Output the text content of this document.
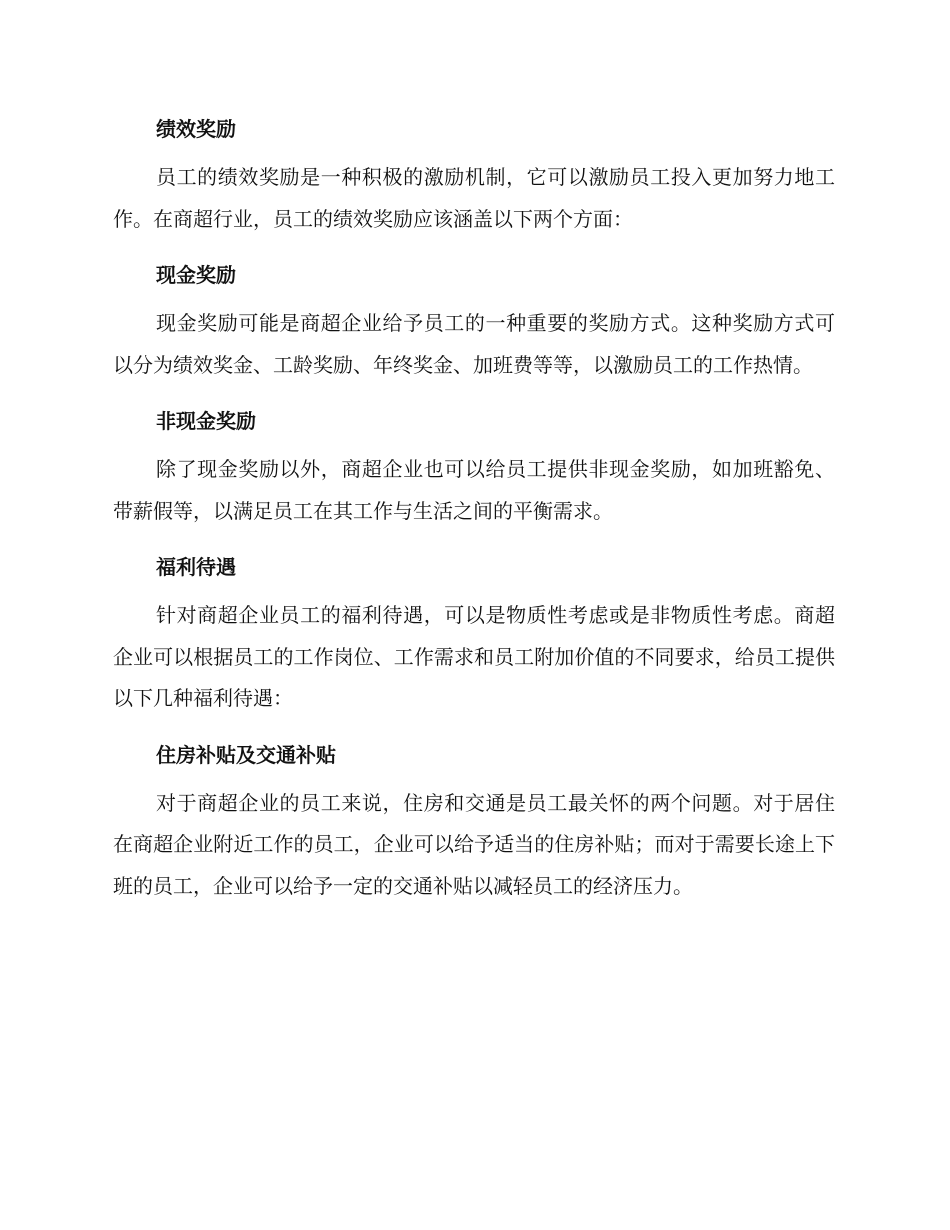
绩效奖励

员工的绩效奖励是一种积极的激励机制，它可以激励员工投入更加努力地工作。在商超行业，员工的绩效奖励应该涵盖以下两个方面：

现金奖励

现金奖励可能是商超企业给予员工的一种重要的奖励方式。这种奖励方式可以分为绩效奖金、工龄奖励、年终奖金、加班费等等，以激励员工的工作热情。

非现金奖励

除了现金奖励以外，商超企业也可以给员工提供非现金奖励，如加班豁免、带薪假等，以满足员工在其工作与生活之间的平衡需求。

福利待遇

针对商超企业员工的福利待遇，可以是物质性考虑或是非物质性考虑。商超企业可以根据员工的工作岗位、工作需求和员工附加价值的不同要求，给员工提供以下几种福利待遇：

住房补贴及交通补贴

对于商超企业的员工来说，住房和交通是员工最关怀的两个问题。对于居住在商超企业附近工作的员工，企业可以给予适当的住房补贴；而对于需要长途上下班的员工，企业可以给予一定的交通补贴以减轻员工的经济压力。
